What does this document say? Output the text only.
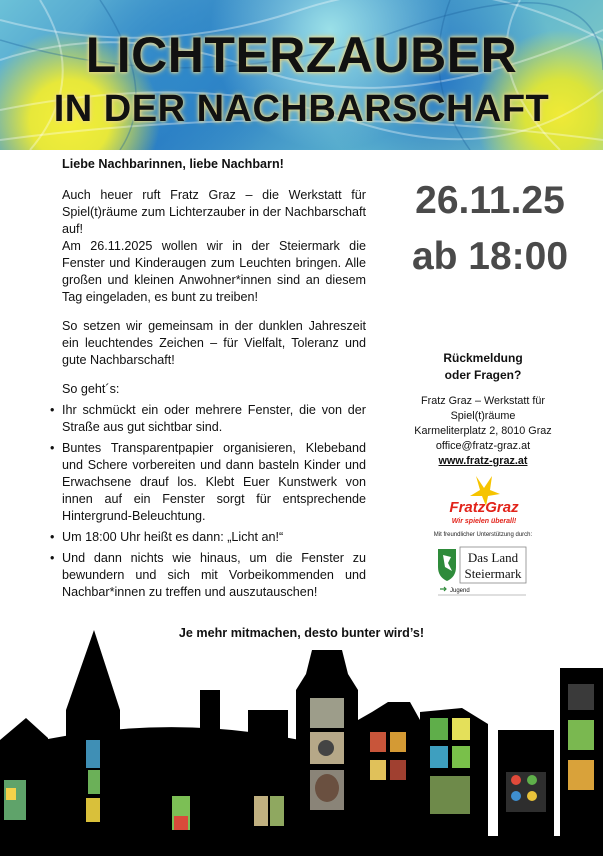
LICHTERZAUBER
IN DER NACHBARSCHAFT

Liebe Nachbarinnen, liebe Nachbarn!

Auch heuer ruft Fratz Graz – die Werkstatt für Spiel(t)räume zum Lichterzauber in der Nachbarschaft auf!

Am 26.11.2025 wollen wir in der Steiermark die Fenster und Kinderaugen zum Leuchten bringen. Alle großen und kleinen Anwohner*innen sind an diesem Tag eingeladen, es bunt zu treiben!

So setzen wir gemeinsam in der dunklen Jahreszeit ein leuchtendes Zeichen – für Vielfalt, Toleranz und gute Nachbarschaft!

So geht´s:

• Ihr schmückt ein oder mehrere Fenster, die von der Straße aus gut sichtbar sind.

• Buntes Transparentpapier organisieren, Klebeband und Schere vorbereiten und dann basteln Kinder und Erwachsene drauf los. Klebt Euer Kunstwerk von innen auf ein Fenster sorgt für entsprechende Hintergrund-Beleuchtung.

• Um 18:00 Uhr heißt es dann: „Licht an!“

• Und dann nichts wie hinaus, um die Fenster zu bewundern und sich mit Vorbeikommenden und Nachbar*innen zu treffen und auszutauschen!

26.11.25
ab 18:00
Rückmeldung
oder Fragen?
Fratz Graz – Werkstatt für
Spiel(t)räume
Karmeliterplatz 2, 8010 Graz
office@fratz-graz.at
www.fratz-graz.at
FratzGraz
Wir spielen überall!
Mit freundlicher Unterstützung durch:
Das Land
Steiermark
Jugend
Je mehr mitmachen, desto bunter wird’s!
